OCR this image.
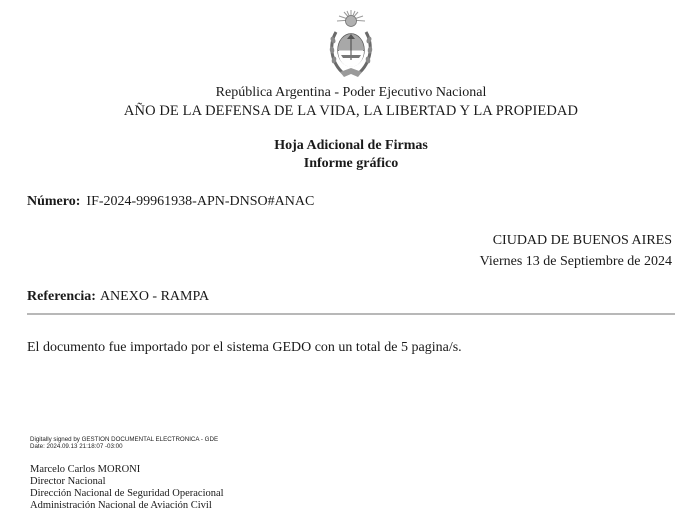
República Argentina - Poder Ejecutivo Nacional
AÑO DE LA DEFENSA DE LA VIDA, LA LIBERTAD Y LA PROPIEDAD
Hoja Adicional de Firmas
Informe gráfico
Número: IF-2024-99961938-APN-DNSO#ANAC
CIUDAD DE BUENOS AIRES
Viernes 13 de Septiembre de 2024
Referencia: ANEXO - RAMPA
El documento fue importado por el sistema GEDO con un total de 5 pagina/s.
Digitally signed by GESTION DOCUMENTAL ELECTRONICA - GDE
Date: 2024.09.13 21:18:07 -03:00
Marcelo Carlos MORONI
Director Nacional
Dirección Nacional de Seguridad Operacional
Administración Nacional de Aviación Civil
